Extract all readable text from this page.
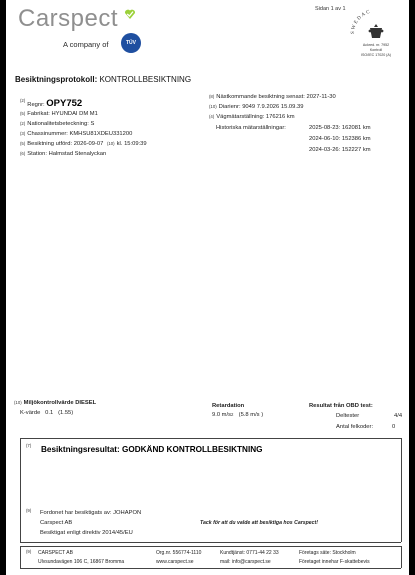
Carspect
A company of	TÜV
Sidan 1 av 1
SWEDAC
Ackred. nr. 7952
Kontroll
ISO/IEC 17020 (A)
Besiktningsprotokoll: KONTROLLBESIKTNING
$^{(2)}$Regnr: OPY752
$^{(5)}$ Fabrikat: HYUNDAI DM M1
$^{(2)}$ Nationalitetsbeteckning: S
$^{(3)}$ Chassinummer: KMHSU81XDEU331200
$^{(5)}$ Besiktning utförd: 2026-09-07 $^{(10)}$ kl. 15:09:39
$^{(6)}$ Station: Halmstad Stenalyckan
$^{(8)}$ Nästkommande besiktning senast: 2027-11-30
$^{(10)}$ Diarienr: 9049 7.9.2026 15.09.39
$^{(4)}$ Vägmätarställning: 176216 km
Historiska mätarställningar:	2025-08-23: 162081 km
2024-06-10: 152386 km
2024-03-26: 152227 km
$^{(10)}$ Miljökontrollvärde DIESEL
K-värde 0.1 (1.55)
Retardation
9.0 $m/s^2$ (5.8 m/s )
Resultat från OBD test:
Deltester	4/4
Antal felkoder:	0
(7) Besiktningsresultat: GODKÄND KONTROLLBESIKTNING
(9) Fordonet har besiktigats av: JOHAPON
Carspect AB
Besiktigat enligt direktiv 2014/45/EU
Tack för att du valde att besiktiga hos Carspect!
(9) CARSPECT AB
Ulvsundavägen 106 C, 16867 Bromma
Org.nr. 556774-1110
www.carspect.se
Kundtjänst: 0771-44 22 33
mail: info@carspect.se
Företags säte: Stockholm
Företaget innehar F-skattebevis
